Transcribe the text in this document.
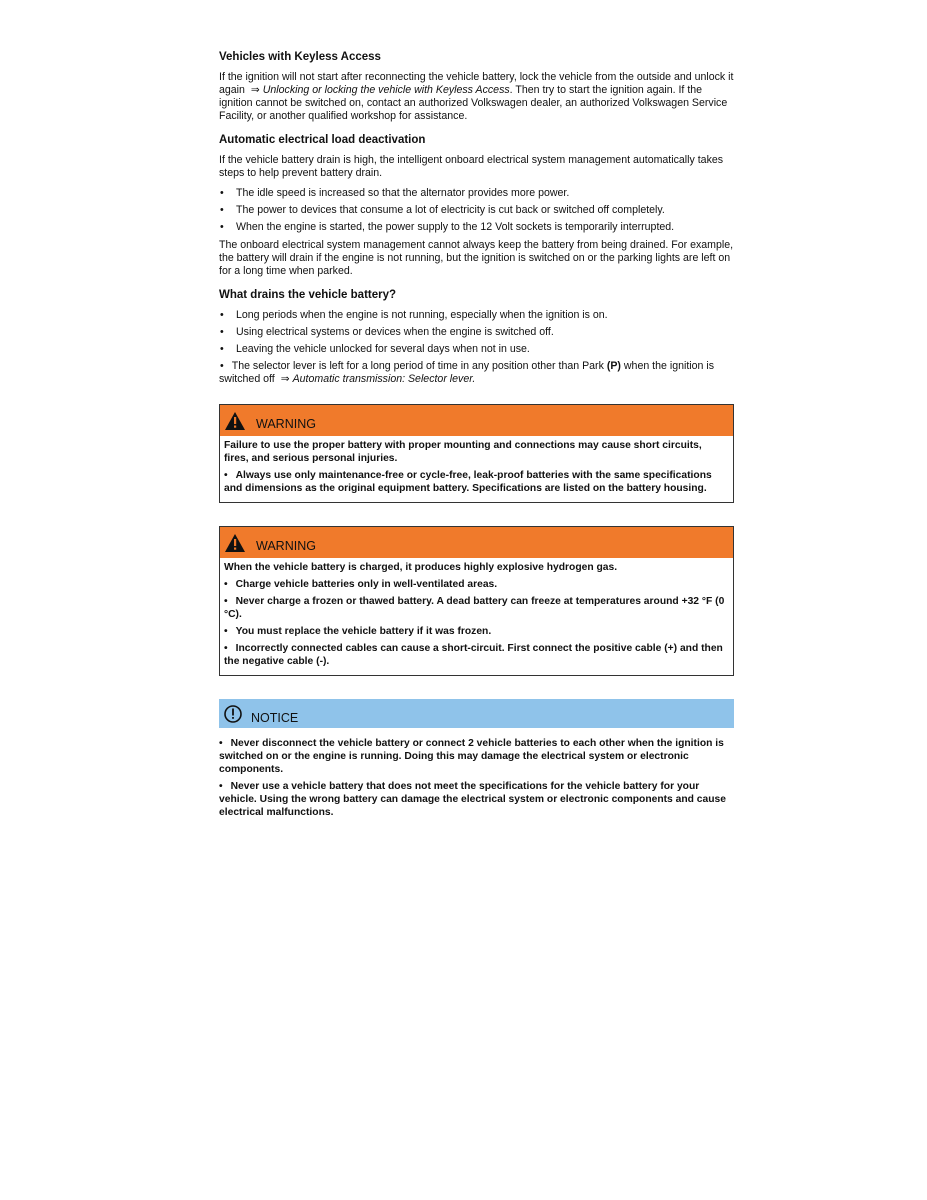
Vehicles with Keyless Access

If the ignition will not start after reconnecting the vehicle battery, lock the vehicle from the outside and unlock it again ⇒ Unlocking or locking the vehicle with Keyless Access. Then try to start the ignition again. If the ignition cannot be switched on, contact an authorized Volkswagen dealer, an authorized Volkswagen Service Facility, or another qualified workshop for assistance.

Automatic electrical load deactivation

If the vehicle battery drain is high, the intelligent onboard electrical system management automatically takes steps to help prevent battery drain.

• The idle speed is increased so that the alternator provides more power.
• The power to devices that consume a lot of electricity is cut back or switched off completely.
• When the engine is started, the power supply to the 12 Volt sockets is temporarily interrupted.

The onboard electrical system management cannot always keep the battery from being drained. For example, the battery will drain if the engine is not running, but the ignition is switched on or the parking lights are left on for a long time when parked.

What drains the vehicle battery?
• Long periods when the engine is not running, especially when the ignition is on.
• Using electrical systems or devices when the engine is switched off.
• Leaving the vehicle unlocked for several days when not in use.
• The selector lever is left for a long period of time in any position other than Park (P) when the ignition is switched off ⇒ Automatic transmission: Selector lever.
WARNING

Failure to use the proper battery with proper mounting and connections may cause short circuits, fires, and serious personal injuries.

• Always use only maintenance-free or cycle-free, leak-proof batteries with the same specifications and dimensions as the original equipment battery. Specifications are listed on the battery housing.
WARNING

When the vehicle battery is charged, it produces highly explosive hydrogen gas.

• Charge vehicle batteries only in well-ventilated areas.
• Never charge a frozen or thawed battery. A dead battery can freeze at temperatures around +32 °F (0 °C).
• You must replace the vehicle battery if it was frozen.
• Incorrectly connected cables can cause a short-circuit. First connect the positive cable (+) and then the negative cable (-).
NOTICE
• Never disconnect the vehicle battery or connect 2 vehicle batteries to each other when the ignition is switched on or the engine is running. Doing this may damage the electrical system or electronic components.
• Never use a vehicle battery that does not meet the specifications for the vehicle battery for your vehicle. Using the wrong battery can damage the electrical system or electronic components and cause electrical malfunctions.
